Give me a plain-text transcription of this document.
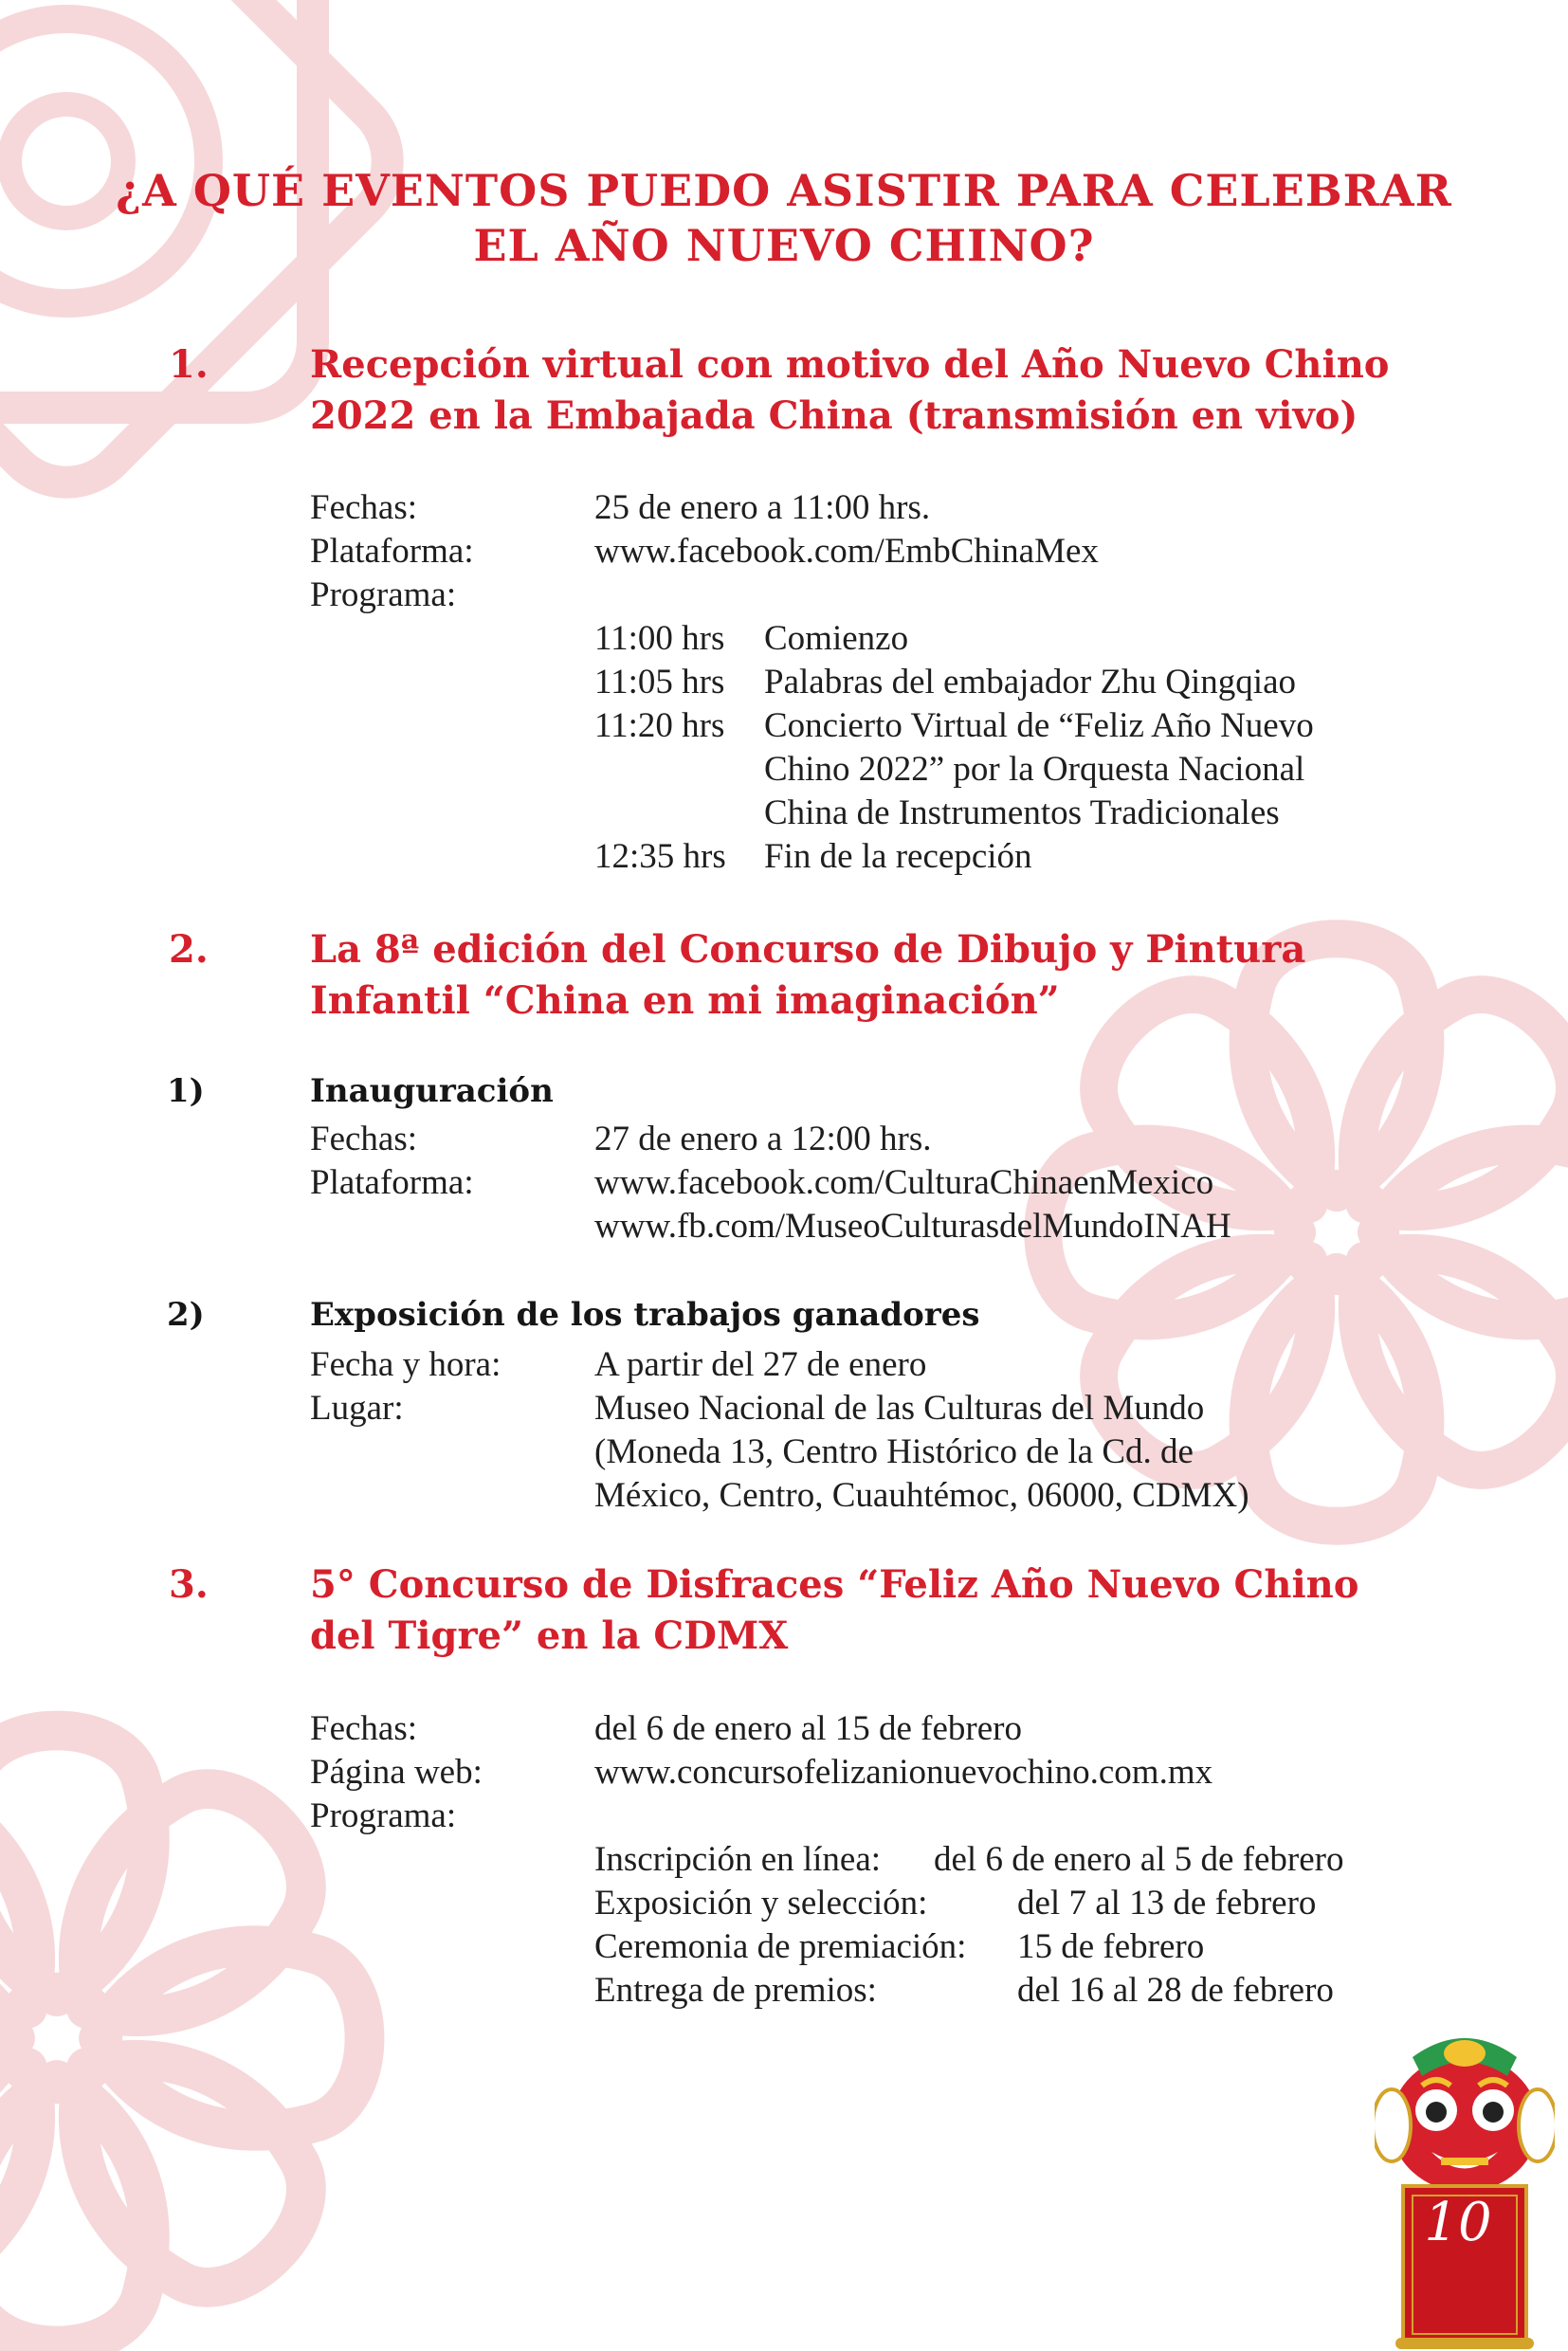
¿A QUÉ EVENTOS PUEDO ASISTIR PARA CELEBRAR
EL AÑO NUEVO CHINO?
1.	Recepción virtual con motivo del Año Nuevo Chino
2022 en la Embajada China (transmisión en vivo)
Fechas:	25 de enero a 11:00 hrs.
Plataforma:	www.facebook.com/EmbChinaMex
Programa:
11:00 hrs Comienzo
11:05 hrs Palabras del embajador Zhu Qingqiao
11:20 hrs Concierto Virtual de “Feliz Año Nuevo
Chino 2022” por la Orquesta Nacional
China de Instrumentos Tradicionales
12:35 hrs Fin de la recepción
2.	La 8ª edición del Concurso de Dibujo y Pintura
Infantil “China en mi imaginación”
1)	Inauguración
Fechas:	27 de enero a 12:00 hrs.
Plataforma:	www.facebook.com/CulturaChinaenMexico
www.fb.com/MuseoCulturasdelMundoINAH
2)	Exposición de los trabajos ganadores
Fecha y hora:	A partir del 27 de enero
Lugar:	Museo Nacional de las Culturas del Mundo
(Moneda 13, Centro Histórico de la Cd. de
México, Centro, Cuauhtémoc, 06000, CDMX)
3.	5° Concurso de Disfraces “Feliz Año Nuevo Chino
del Tigre” en la CDMX
Fechas:	del 6 de enero al 15 de febrero
Página web:	www.concursofelizanionuevochino.com.mx
Programa:
Inscripción en línea: del 6 de enero al 5 de febrero
Exposición y selección:	del 7 al 13 de febrero
Ceremonia de premiación: 15 de febrero
Entrega de premios:	del 16 al 28 de febrero
10
